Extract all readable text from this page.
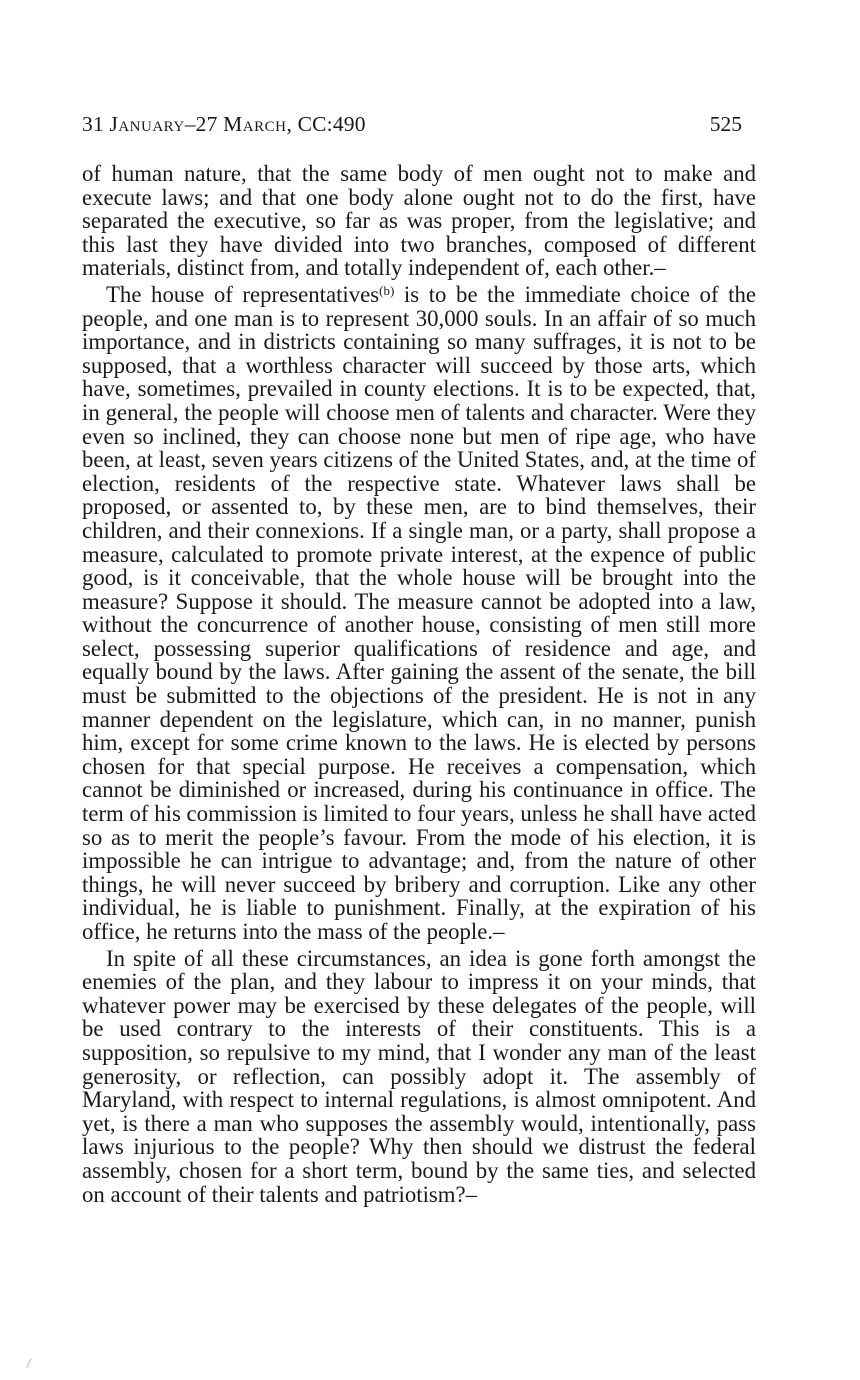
31 January–27 March, CC:490	525

of human nature, that the same body of men ought not to make and execute laws; and that one body alone ought not to do the first, have separated the executive, so far as was proper, from the legislative; and this last they have divided into two branches, composed of different materials, distinct from, and totally independent of, each other.–

The house of representatives$^{(b)}$ is to be the immediate choice of the people, and one man is to represent 30,000 souls. In an affair of so much importance, and in districts containing so many suffrages, it is not to be supposed, that a worthless character will succeed by those arts, which have, sometimes, prevailed in county elections. It is to be expected, that, in general, the people will choose men of talents and character. Were they even so inclined, they can choose none but men of ripe age, who have been, at least, seven years citizens of the United States, and, at the time of election, residents of the respective state. Whatever laws shall be proposed, or assented to, by these men, are to bind themselves, their children, and their connexions. If a single man, or a party, shall propose a measure, calculated to promote private interest, at the expence of public good, is it conceivable, that the whole house will be brought into the measure? Suppose it should. The measure cannot be adopted into a law, without the concurrence of another house, consisting of men still more select, possessing superior qualifications of residence and age, and equally bound by the laws. After gaining the assent of the senate, the bill must be submitted to the objections of the president. He is not in any manner dependent on the legislature, which can, in no manner, punish him, except for some crime known to the laws. He is elected by persons chosen for that special purpose. He receives a compensation, which cannot be diminished or increased, during his continuance in office. The term of his commission is limited to four years, unless he shall have acted so as to merit the people’s favour. From the mode of his election, it is impossible he can intrigue to advantage; and, from the nature of other things, he will never succeed by bribery and corruption. Like any other individual, he is liable to punishment. Finally, at the expiration of his office, he returns into the mass of the people.–

In spite of all these circumstances, an idea is gone forth amongst the enemies of the plan, and they labour to impress it on your minds, that whatever power may be exercised by these delegates of the people, will be used contrary to the interests of their constituents. This is a supposition, so repulsive to my mind, that I wonder any man of the least generosity, or reflection, can possibly adopt it. The assembly of Maryland, with respect to internal regulations, is almost omnipotent. And yet, is there a man who supposes the assembly would, intentionally, pass laws injurious to the people? Why then should we distrust the federal assembly, chosen for a short term, bound by the same ties, and selected on account of their talents and patriotism?–
